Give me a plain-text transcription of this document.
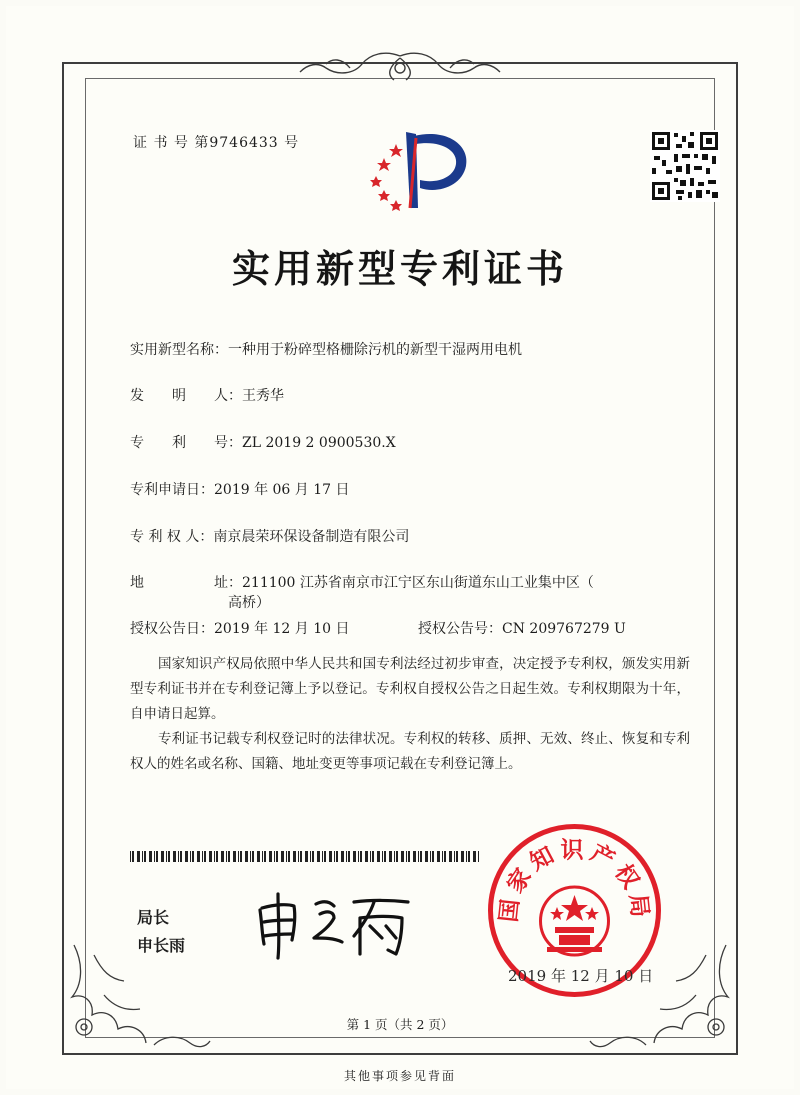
证 书 号 第9746433 号
实用新型专利证书
实用新型名称：一种用于粉碎型格栅除污机的新型干湿两用电机
发　　明　　人：王秀华
专　　利　　号：ZL 2019 2 0900530.X
专利申请日：2019 年 06 月 17 日
专 利 权 人：南京晨荣环保设备制造有限公司
地　　　　　址：211100 江苏省南京市江宁区东山街道东山工业集中区（
高桥）
授权公告日：2019 年 12 月 10 日	授权公告号：CN 209767279 U
国家知识产权局依照中华人民共和国专利法经过初步审查，决定授予专利权，颁发实用新型专利证书并在专利登记簿上予以登记。专利权自授权公告之日起生效。专利权期限为十年，自申请日起算。
专利证书记载专利权登记时的法律状况。专利权的转移、质押、无效、终止、恢复和专利权人的姓名或名称、国籍、地址变更等事项记载在专利登记簿上。
局长
申长雨
国家知识产权局
2019 年 12 月 10 日
第 1 页（共 2 页）
其他事项参见背面
